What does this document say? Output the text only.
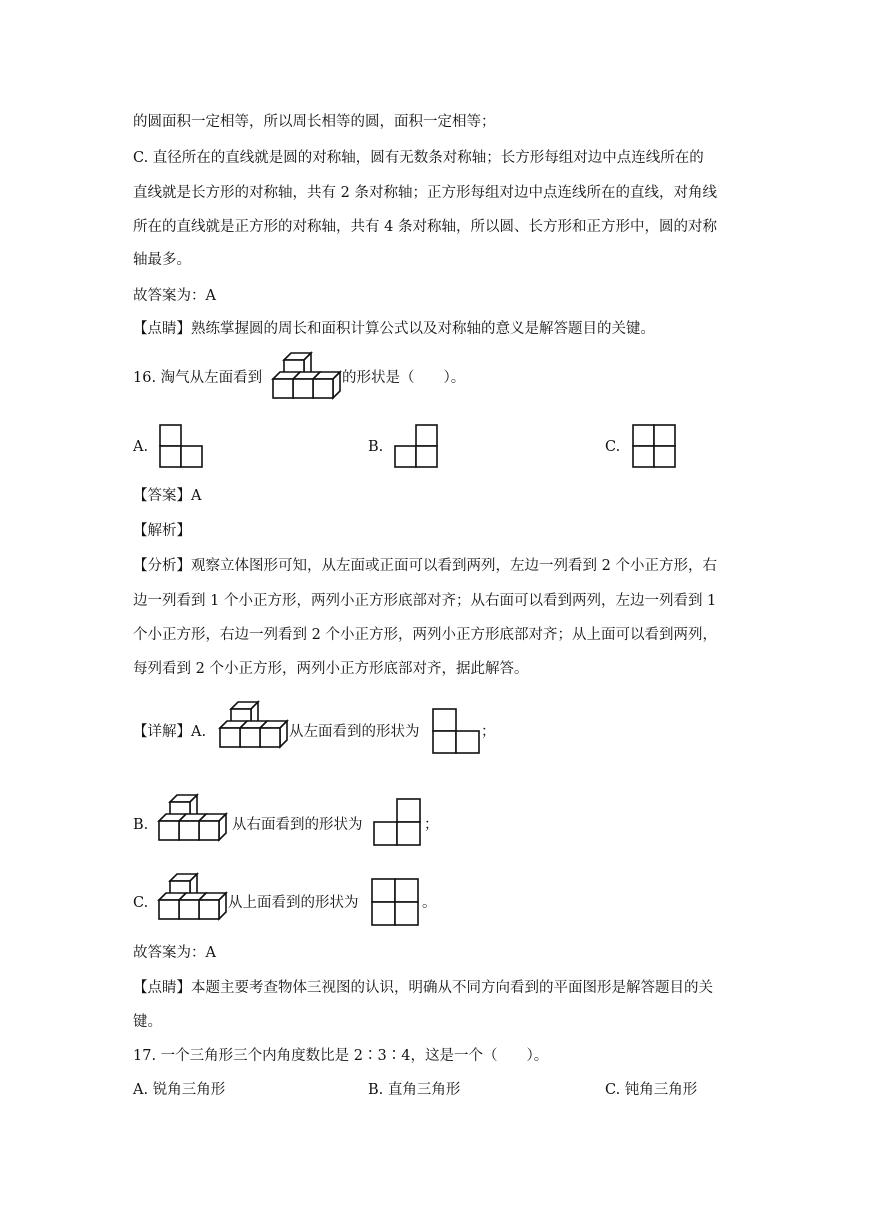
的圆面积一定相等，所以周长相等的圆，面积一定相等；
C. 直径所在的直线就是圆的对称轴，圆有无数条对称轴；长方形每组对边中点连线所在的
直线就是长方形的对称轴，共有 2 条对称轴；正方形每组对边中点连线所在的直线，对角线
所在的直线就是正方形的对称轴，共有 4 条对称轴，所以圆、长方形和正方形中，圆的对称
轴最多。
故答案为：A
【点睛】熟练掌握圆的周长和面积计算公式以及对称轴的意义是解答题目的关键。
16. 淘气从左面看到	的形状是（　　）。
A.	B.	C.
【答案】A
【解析】
【分析】观察立体图形可知，从左面或正面可以看到两列，左边一列看到 2 个小正方形，右
边一列看到 1 个小正方形，两列小正方形底部对齐；从右面可以看到两列，左边一列看到 1
个小正方形，右边一列看到 2 个小正方形，两列小正方形底部对齐；从上面可以看到两列，
每列看到 2 个小正方形，两列小正方形底部对齐，据此解答。
【详解】A.	从左面看到的形状为	；
B.	从右面看到的形状为	；
C.	从上面看到的形状为	。
故答案为：A
【点睛】本题主要考查物体三视图的认识，明确从不同方向看到的平面图形是解答题目的关
键。
17. 一个三角形三个内角度数比是 2∶3∶4，这是一个（　　）。
A. 锐角三角形	B. 直角三角形	C. 钝角三角形
